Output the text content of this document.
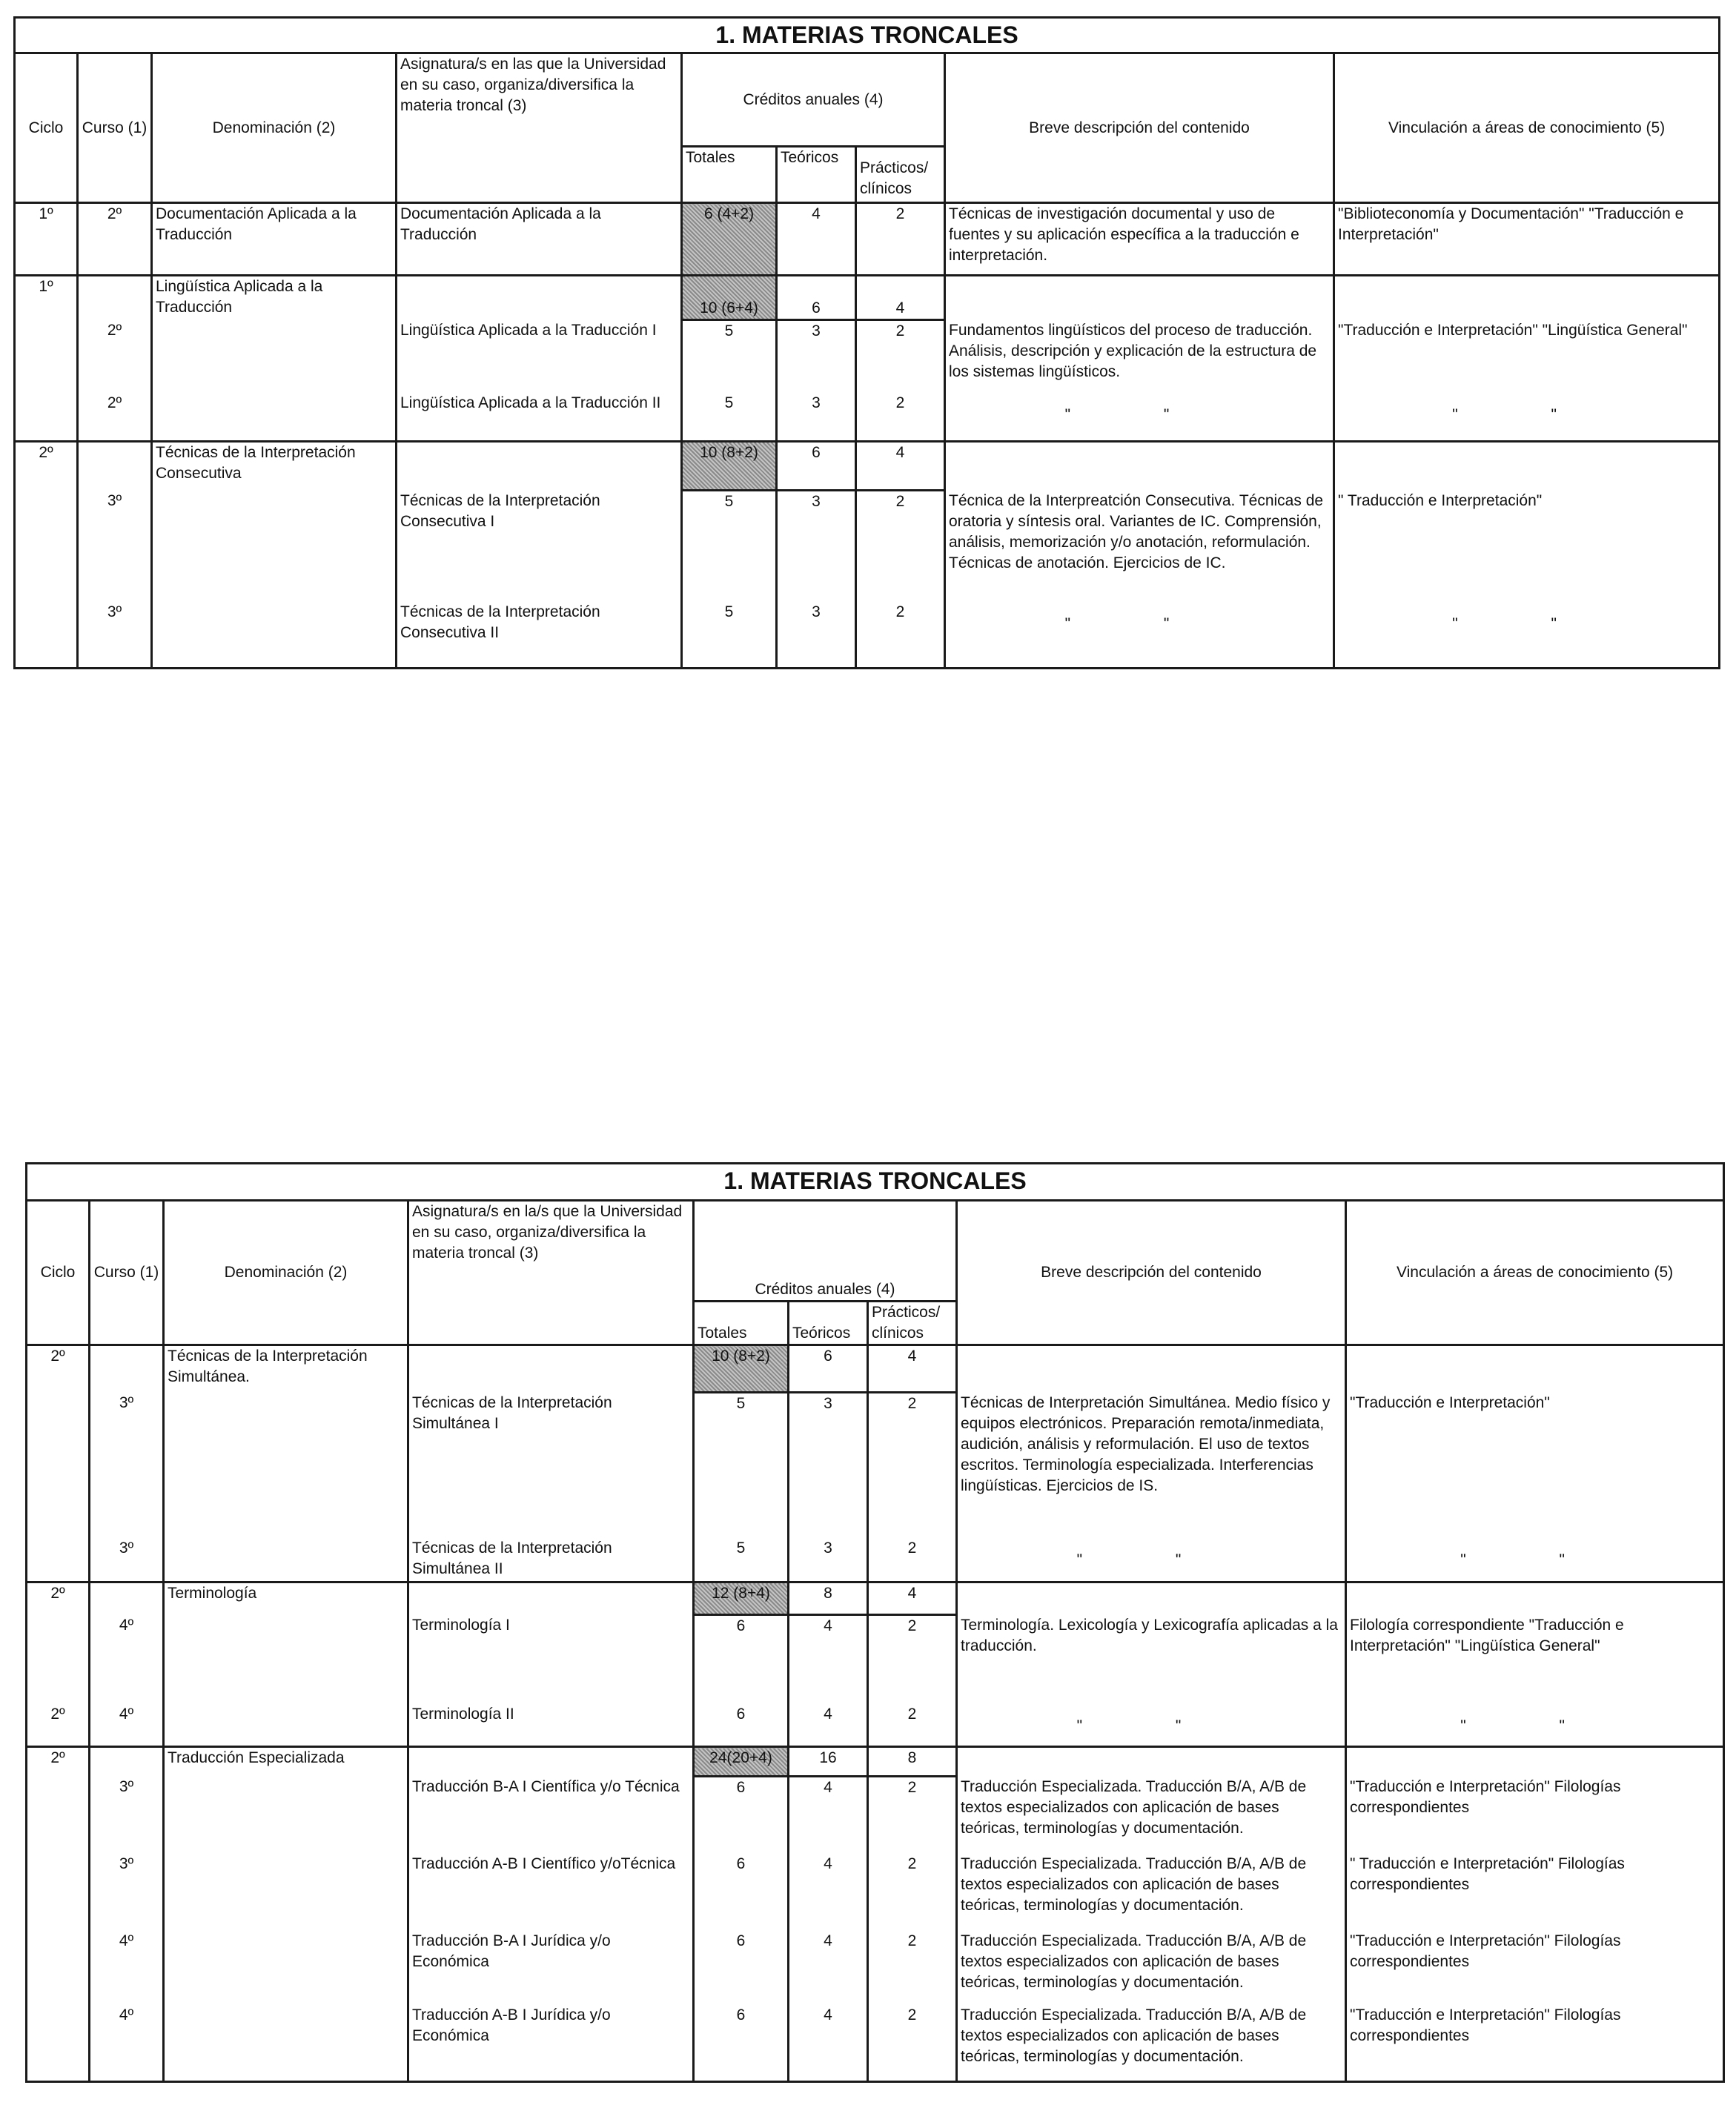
1. MATERIAS TRONCALES								
Ciclo	Curso (1)	Denominación (2)	Asignatura/s en las que la Universidad en su caso, organiza/diversifica la materia troncal (3)	Créditos anuales (4)			Breve descripción del contenido	Vinculación a áreas de conocimiento (5)
				Totales	Teóricos	Prácticos/ clínicos		
1º	2º	Documentación Aplicada a la Traducción	Documentación Aplicada a la Traducción	6 (4+2)	4	2	Técnicas de investigación documental y uso de fuentes y su aplicación específica a la traducción e interpretación.	"Biblioteconomía y Documentación" "Traducción e Interpretación"
1º		Lingüística Aplicada a la Traducción		10 (6+4)	6	4		
	2º		Lingüística Aplicada a la Traducción I	5	3	2	Fundamentos lingüísticos del proceso de traducción. Análisis, descripción y explicación de la estructura de los sistemas lingüísticos.	"Traducción e Interpretación" "Lingüística General"
	2º		Lingüística Aplicada a la Traducción II	5	3	2	" "	" "
2º		Técnicas de la Interpretación Consecutiva		10 (8+2)	6	4		
	3º		Técnicas de la Interpretación Consecutiva I	5	3	2	Técnica de la Interpreatción Consecutiva. Técnicas de oratoria y síntesis oral. Variantes de IC. Comprensión, análisis, memorización y/o anotación, reformulación. Técnicas de anotación. Ejercicios de IC.	" Traducción e Interpretación"
	3º		Técnicas de la Interpretación Consecutiva II	5	3	2	" "	" "
1. MATERIAS TRONCALES								
Ciclo	Curso (1)	Denominación (2)	Asignatura/s en la/s que la Universidad en su caso, organiza/diversifica la materia troncal (3)	Créditos anuales (4)			Breve descripción del contenido	Vinculación a áreas de conocimiento (5)
				Totales	Teóricos	Prácticos/ clínicos		
2º		Técnicas de la Interpretación Simultánea.		10 (8+2)	6	4		
	3º		Técnicas de la Interpretación Simultánea I	5	3	2	Técnicas de Interpretación Simultánea. Medio físico y equipos electrónicos. Preparación remota/inmediata, audición, análisis y reformulación. El uso de textos escritos. Terminología especializada. Interferencias lingüísticas. Ejercicios de IS.	"Traducción e Interpretación"
	3º		Técnicas de la Interpretación Simultánea II	5	3	2	" "	" "
2º		Terminología		12 (8+4)	8	4		
	4º		Terminología I	6	4	2	Terminología. Lexicología y Lexicografía aplicadas a la traducción.	Filología correspondiente "Traducción e Interpretación" "Lingüística General"
2º	4º		Terminología II	6	4	2	" "	" "
2º		Traducción Especializada		24(20+4)	16	8		
	3º		Traducción B-A I Científica y/o Técnica	6	4	2	Traducción Especializada. Traducción B/A, A/B de textos especializados con aplicación de bases teóricas, terminologías y documentación.	"Traducción e Interpretación" Filologías correspondientes
	3º		Traducción A-B I Científico y/oTécnica	6	4	2	Traducción Especializada. Traducción B/A, A/B de textos especializados con aplicación de bases teóricas, terminologías y documentación.	" Traducción e Interpretación" Filologías correspondientes
	4º		Traducción B-A I Jurídica y/o Económica	6	4	2	Traducción Especializada. Traducción B/A, A/B de textos especializados con aplicación de bases teóricas, terminologías y documentación.	"Traducción e Interpretación" Filologías correspondientes
	4º		Traducción A-B I Jurídica y/o Económica	6	4	2	Traducción Especializada. Traducción B/A, A/B de textos especializados con aplicación de bases teóricas, terminologías y documentación.	"Traducción e Interpretación" Filologías correspondientes
